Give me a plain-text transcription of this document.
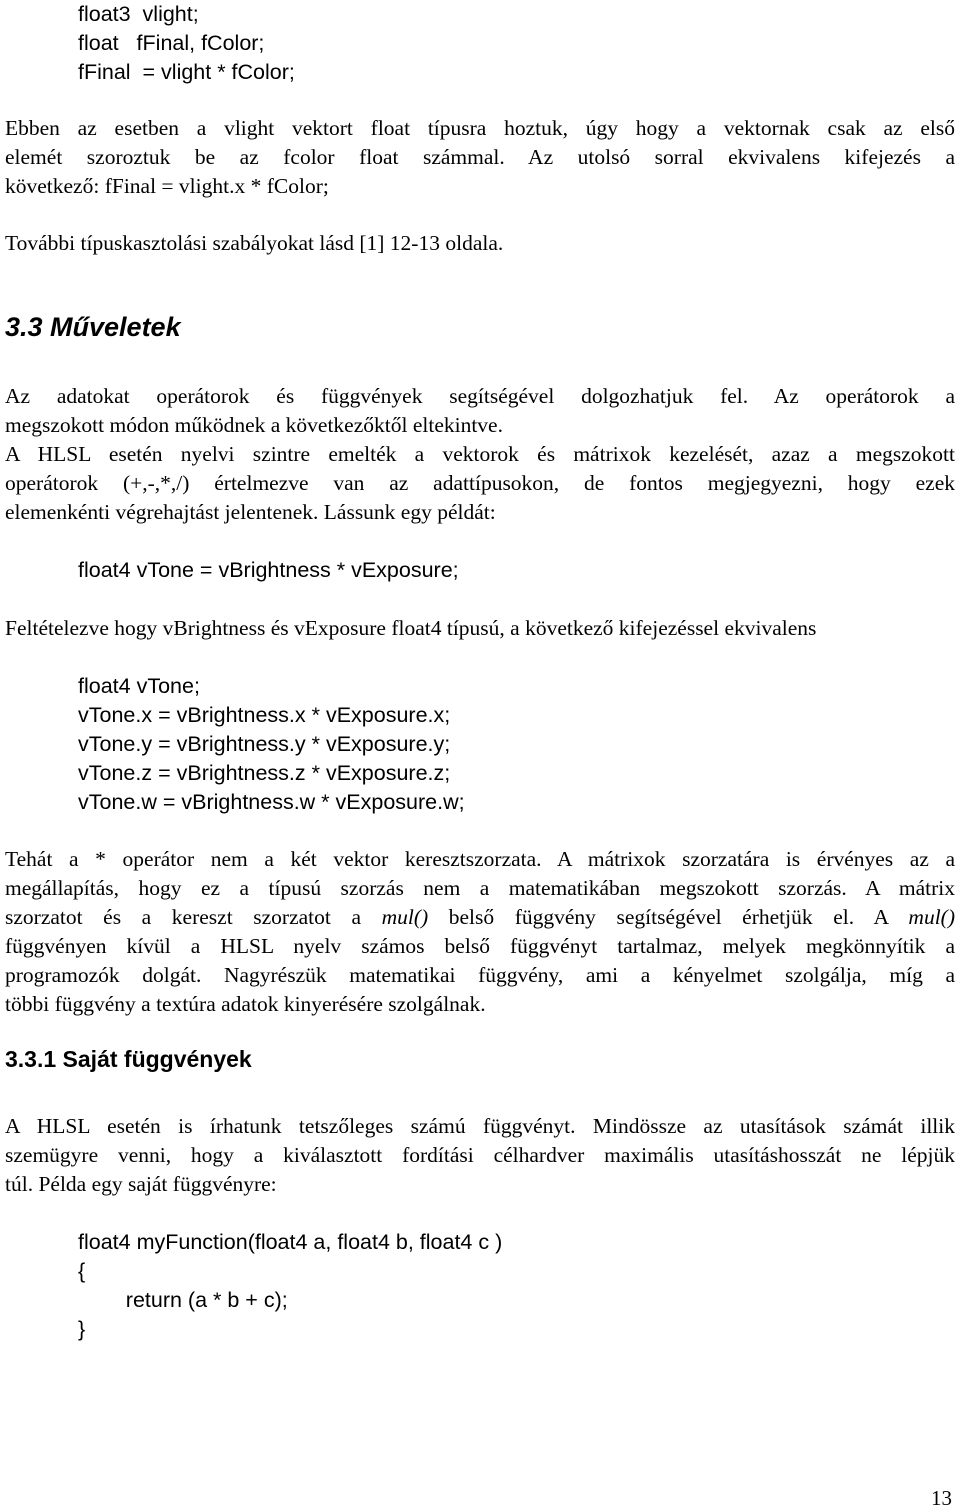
float3  vlight;
float   fFinal, fColor;
fFinal  = vlight * fColor;

Ebben az esetben a vlight vektort float típusra hoztuk, úgy hogy a vektornak csak az első
elemét szoroztuk be az fcolor float számmal. Az utolsó sorral ekvivalens kifejezés a
következő: fFinal = vlight.x * fColor;

További típuskasztolási szabályokat lásd [1] 12-13 oldala.

3.3 Műveletek

Az adatokat operátorok és függvények segítségével dolgozhatjuk fel. Az operátorok a
megszokott módon működnek a következőktől eltekintve.

A HLSL esetén nyelvi szintre emelték a vektorok és mátrixok kezelését, azaz a megszokott
operátorok (+,-,*,/) értelmezve van az adattípusokon, de fontos megjegyezni, hogy ezek
elemenkénti végrehajtást jelentenek. Lássunk egy példát:

float4 vTone = vBrightness * vExposure;

Feltételezve hogy vBrightness és vExposure float4 típusú, a következő kifejezéssel ekvivalens

float4 vTone;
vTone.x = vBrightness.x * vExposure.x;
vTone.y = vBrightness.y * vExposure.y;
vTone.z = vBrightness.z * vExposure.z;
vTone.w = vBrightness.w * vExposure.w;

Tehát a * operátor nem a két vektor keresztszorzata. A mátrixok szorzatára is érvényes az a
megállapítás, hogy ez a típusú szorzás nem a matematikában megszokott szorzás. A mátrix
szorzatot és a kereszt szorzatot a mul() belső függvény segítségével érhetjük el. A mul()
függvényen kívül a HLSL nyelv számos belső függvényt tartalmaz, melyek megkönnyítik a
programozók dolgát. Nagyrészük matematikai függvény, ami a kényelmet szolgálja, míg a
többi függvény a textúra adatok kinyerésére szolgálnak.

3.3.1 Saját függvények

A HLSL esetén is írhatunk tetszőleges számú függvényt. Mindössze az utasítások számát illik
szemügyre venni, hogy a kiválasztott fordítási célhardver maximális utasításhosszát ne lépjük
túl. Példa egy saját függvényre:

float4 myFunction(float4 a, float4 b, float4 c )
{
return (a * b + c);
}
13
